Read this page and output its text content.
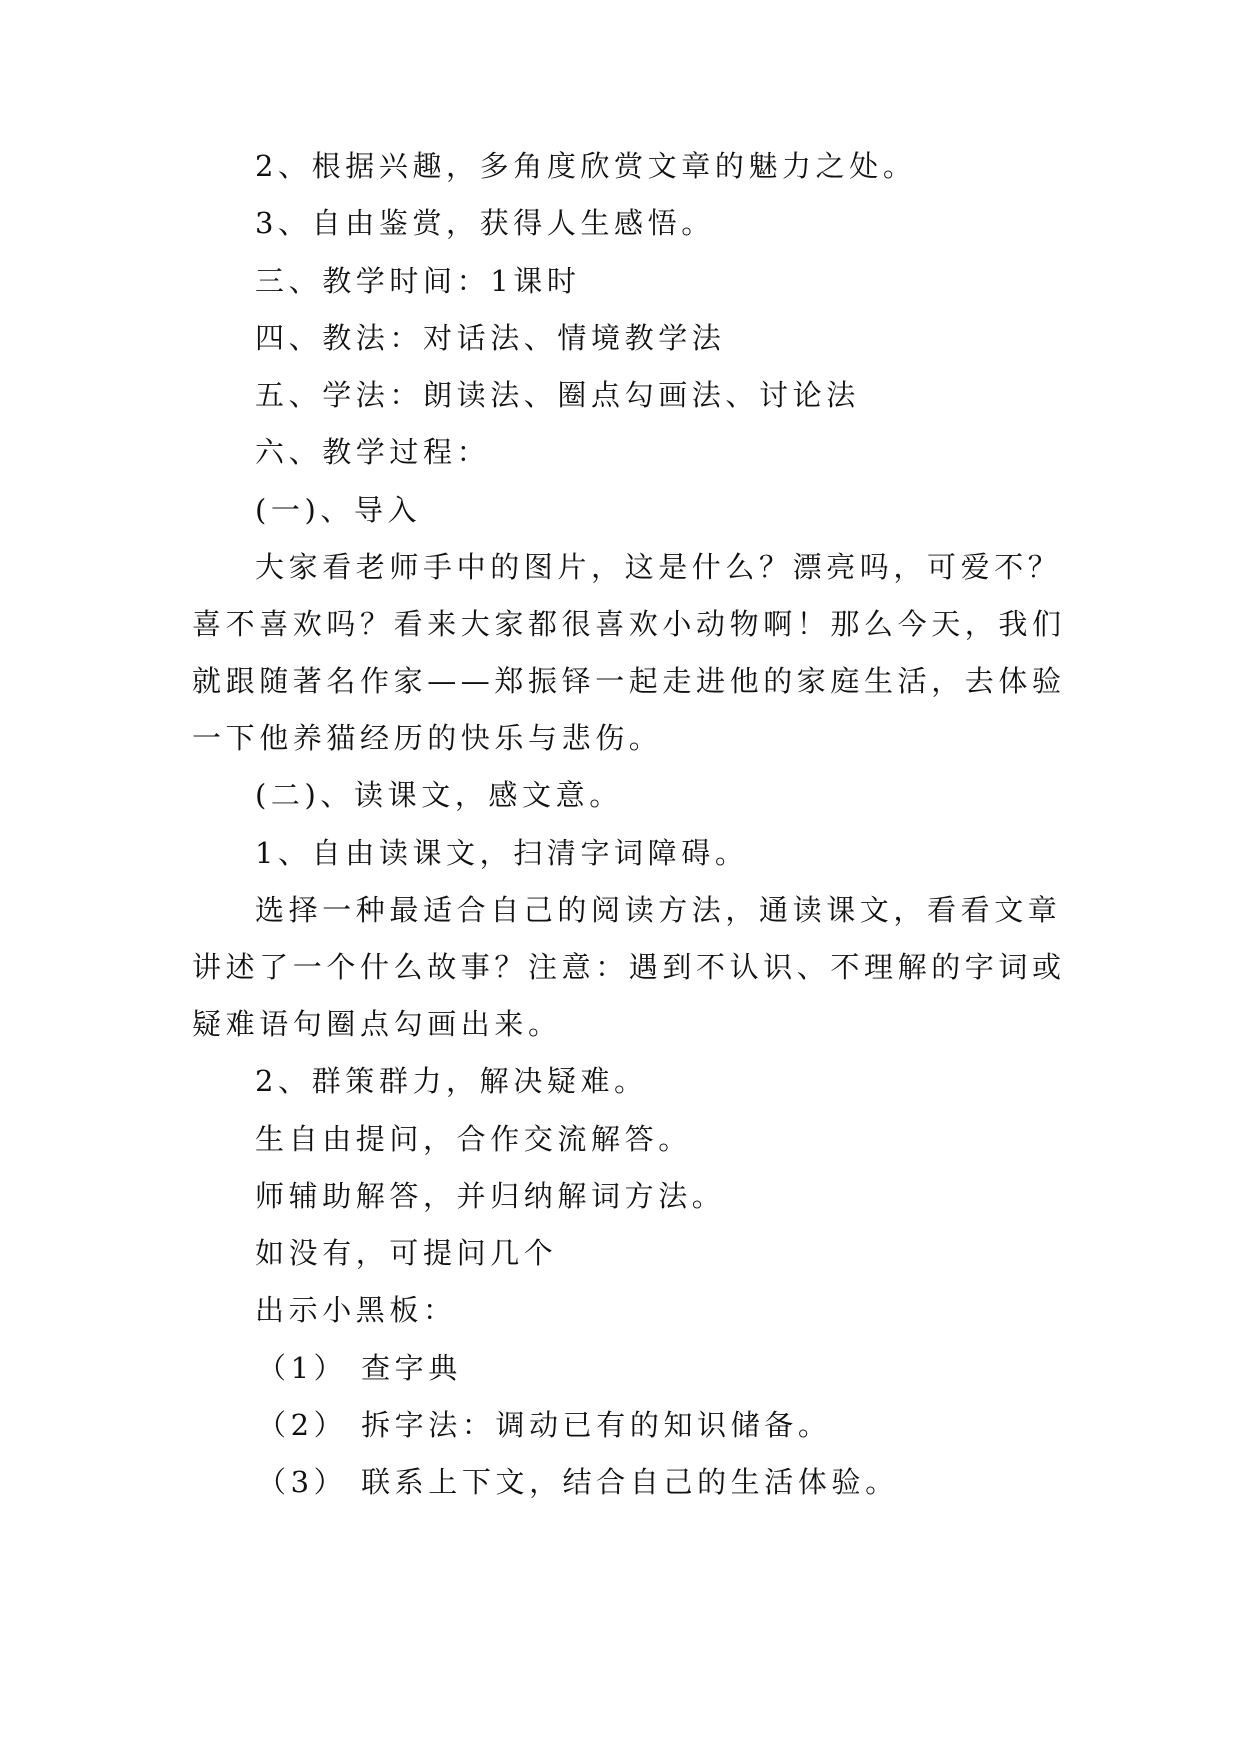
2、根据兴趣，多角度欣赏文章的魅力之处。

3、自由鉴赏，获得人生感悟。

三、教学时间：1课时

四、教法：对话法、情境教学法

五、学法：朗读法、圈点勾画法、讨论法

六、教学过程：

(一)、导入

大家看老师手中的图片，这是什么？漂亮吗，可爱不？

喜不喜欢吗？看来大家都很喜欢小动物啊！那么今天，我们

就跟随著名作家——郑振铎一起走进他的家庭生活，去体验

一下他养猫经历的快乐与悲伤。

(二)、读课文，感文意。

1、自由读课文，扫清字词障碍。

选择一种最适合自己的阅读方法，通读课文，看看文章

讲述了一个什么故事？注意：遇到不认识、不理解的字词或

疑难语句圈点勾画出来。

2、群策群力，解决疑难。

生自由提问，合作交流解答。

师辅助解答，并归纳解词方法。

如没有，可提问几个

出示小黑板：

（1） 查字典

（2） 拆字法：调动已有的知识储备。

（3） 联系上下文，结合自己的生活体验。
